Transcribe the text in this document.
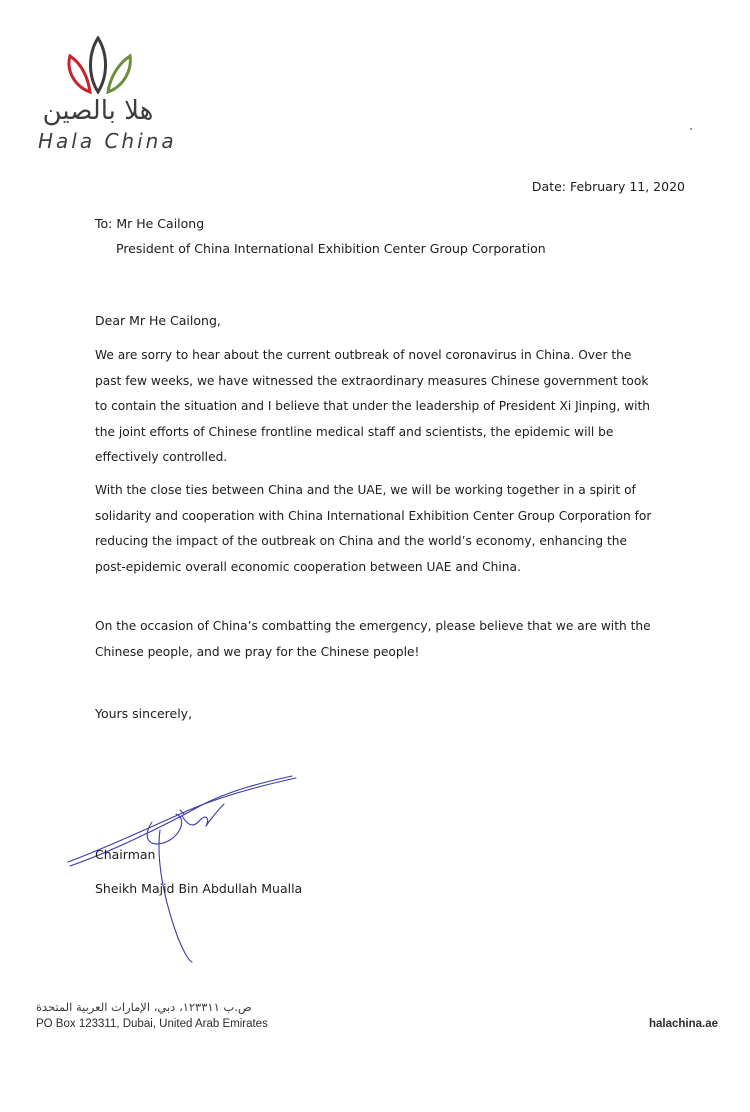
هلا بالصين
Hala China
Date: February 11, 2020
To: Mr He Cailong
President of China International Exhibition Center Group Corporation
Dear Mr He Cailong,

We are sorry to hear about the current outbreak of novel coronavirus in China. Over the past few weeks, we have witnessed the extraordinary measures Chinese government took to contain the situation and I believe that under the leadership of President Xi Jinping, with the joint efforts of Chinese frontline medical staff and scientists, the epidemic will be effectively controlled.

With the close ties between China and the UAE, we will be working together in a spirit of solidarity and cooperation with China International Exhibition Center Group Corporation for reducing the impact of the outbreak on China and the world’s economy, enhancing the post-epidemic overall economic cooperation between UAE and China.

On the occasion of China’s combatting the emergency, please believe that we are with the Chinese people, and we pray for the Chinese people!

Yours sincerely,
Chairman
Sheikh Majid Bin Abdullah Mualla
ص.ب ١٢٣٣١١، دبي، الإمارات العربية المتحدة
PO Box 123311, Dubai, United Arab Emirates	halachina.ae
